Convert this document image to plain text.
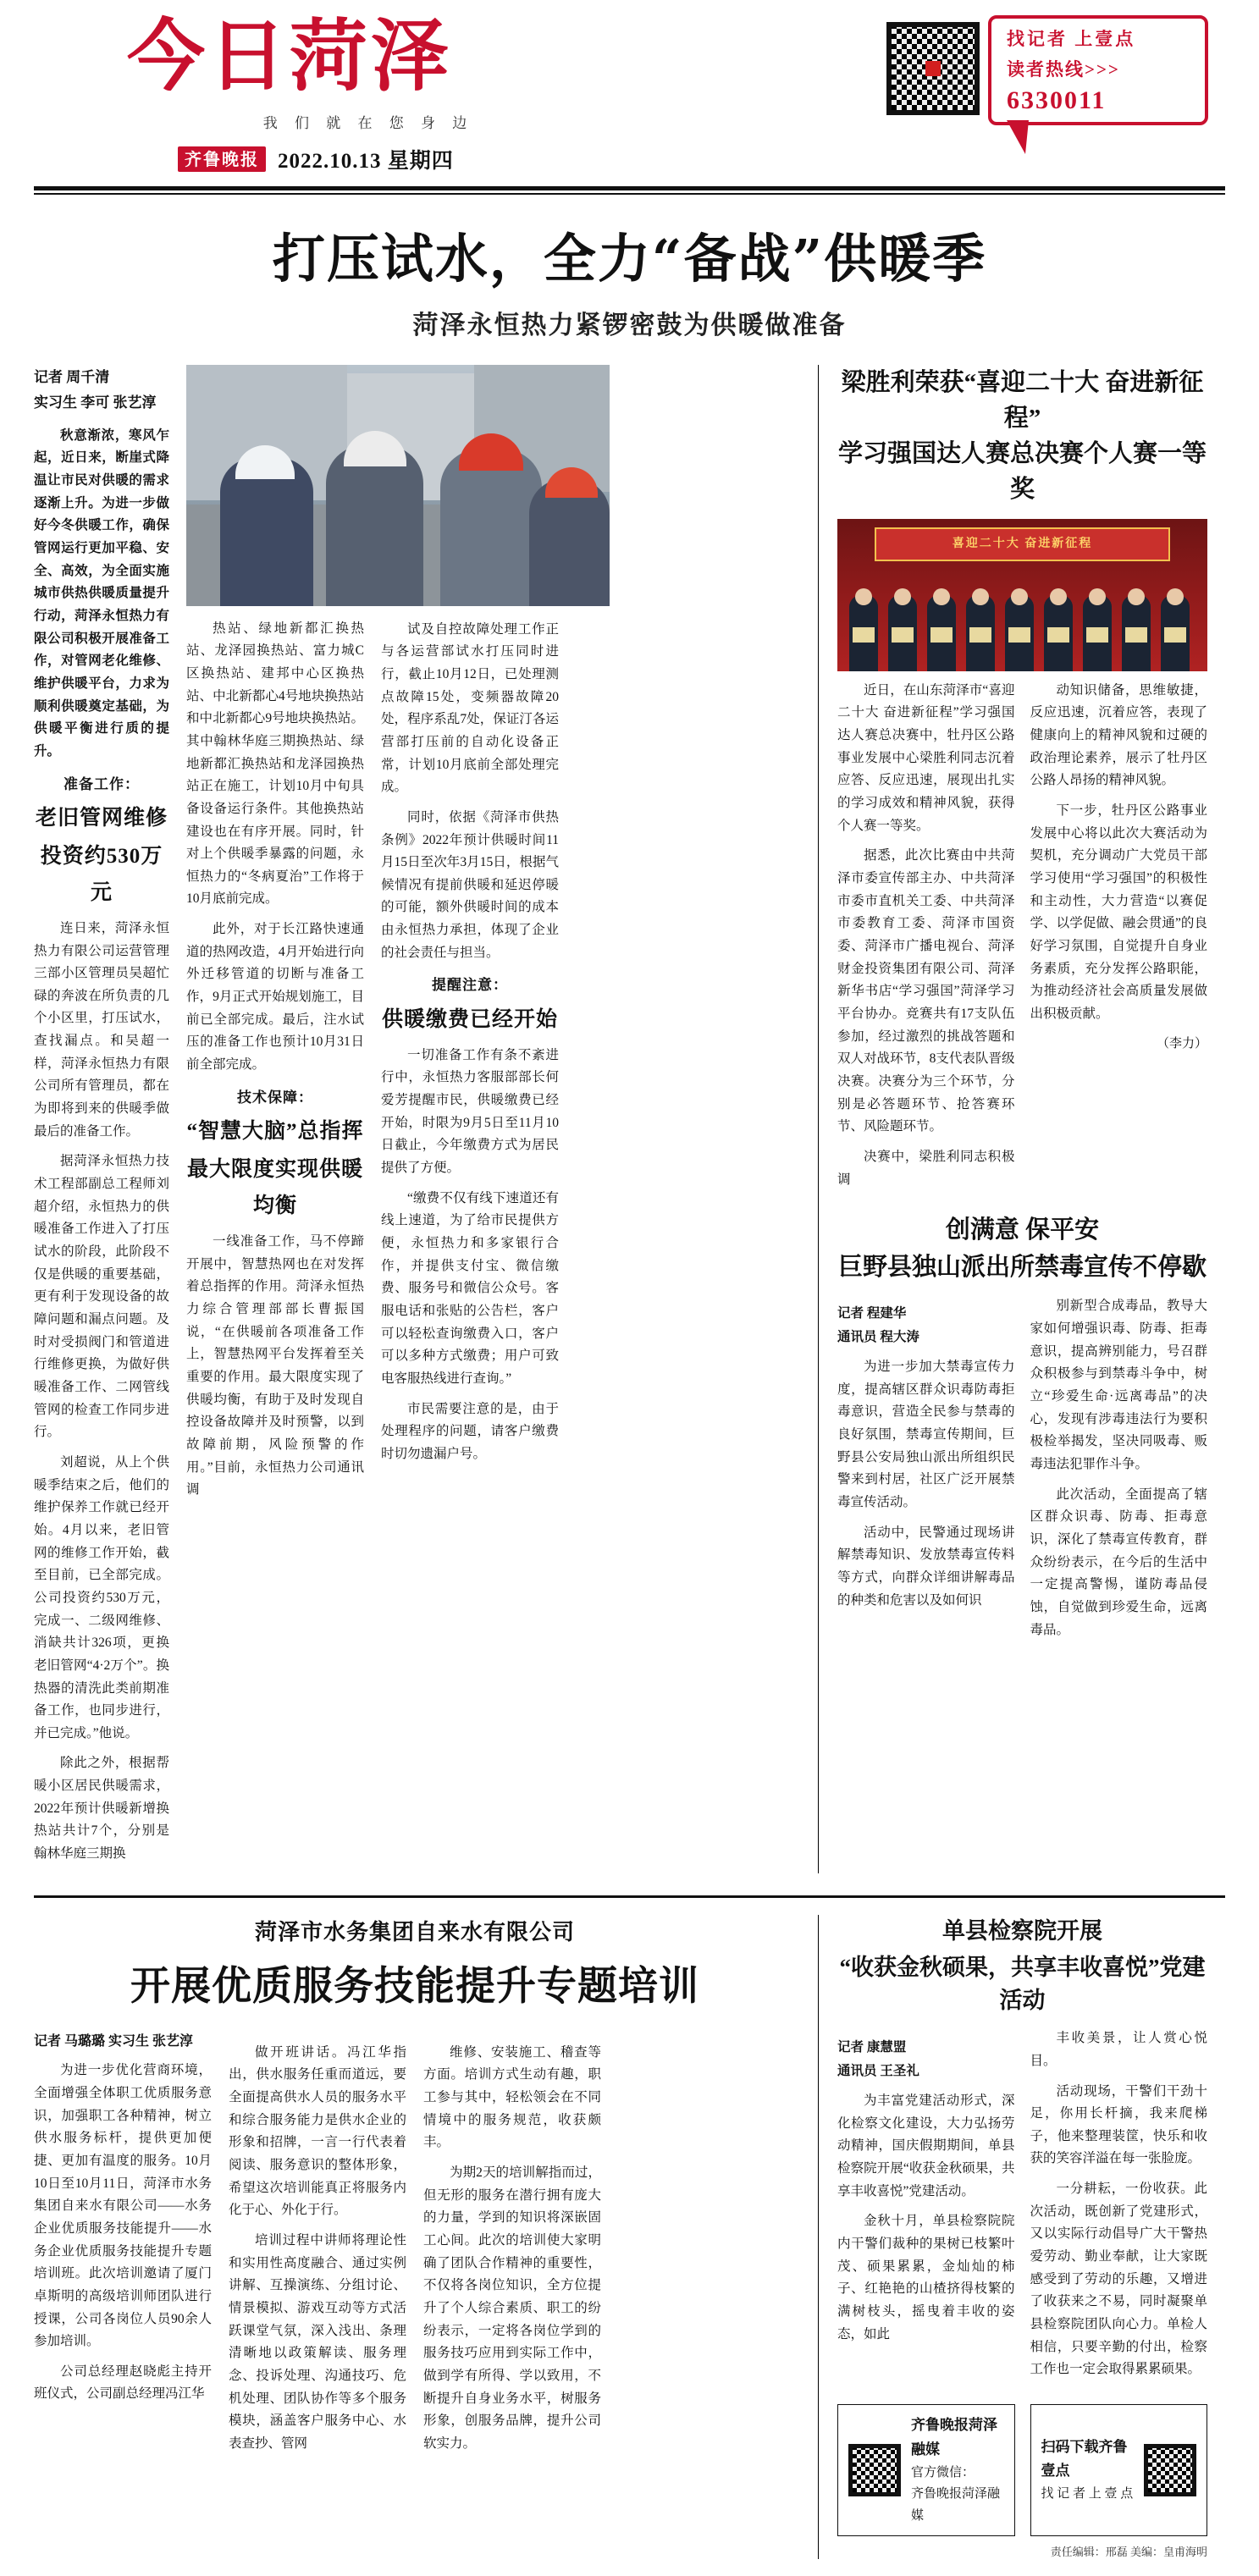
今日菏泽
我 们 就 在 您 身 边
齐鲁晚报 2022.10.13 星期四
找记者 上壹点
读者热线>>>
6330011
打压试水，全力“备战”供暖季
菏泽永恒热力紧锣密鼓为供暖做准备
记者 周千清
实习生 李可 张艺淳

秋意渐浓，寒风乍起，近日来，断崖式降温让市民对供暖的需求逐渐上升。为进一步做好今冬供暖工作，确保管网运行更加平稳、安全、高效，为全面实施城市供热供暖质量提升行动，菏泽永恒热力有限公司积极开展准备工作，对管网老化维修、维护供暖平台，力求为顺利供暖奠定基础，为供暖平衡进行质的提升。

准备工作：
老旧管网维修
投资约530万元

连日来，菏泽永恒热力有限公司运营管理三部小区管理员吴超忙碌的奔波在所负责的几个小区里，打压试水，查找漏点。和吴超一样，菏泽永恒热力有限公司所有管理员，都在为即将到来的供暖季做最后的准备工作。

据菏泽永恒热力技术工程部副总工程师刘超介绍，永恒热力的供暖准备工作进入了打压试水的阶段，此阶段不仅是供暖的重要基础，更有利于发现设备的故障问题和漏点问题。及时对受损阀门和管道进行维修更换，为做好供暖准备工作、二网管线管网的检查工作同步进行。

刘超说，从上个供暖季结束之后，他们的维护保养工作就已经开始。4月以来，老旧管网的维修工作开始，截至目前，已全部完成。公司投资约530万元，完成一、二级网维修、消缺共计326项，更换老旧管网“4·2万个”。换热器的清洗此类前期准备工作，也同步进行，并已完成。”他说。

除此之外，根据帮暖小区居民供暖需求，2022年预计供暖新增换热站共计7个，分别是翰林华庭三期换

热站、绿地新都汇换热站、龙泽园换热站、富力城C区换热站、建邦中心区换热站、中北新都心4号地块换热站和中北新都心9号地块换热站。其中翰林华庭三期换热站、绿地新都汇换热站和龙泽园换热站正在施工，计划10月中旬具备设备运行条件。其他换热站建设也在有序开展。同时，针对上个供暖季暴露的问题，永恒热力的“冬病夏治”工作将于10月底前完成。

此外，对于长江路快速通道的热网改造，4月开始进行向外迁移管道的切断与准备工作，9月正式开始规划施工，目前已全部完成。最后，注水试压的准备工作也预计10月31日前全部完成。

技术保障：
“智慧大脑”总指挥
最大限度实现供暖均衡

一线准备工作，马不停蹄开展中，智慧热网也在对发挥着总指挥的作用。菏泽永恒热力综合管理部部长曹振国说，“在供暖前各项准备工作上，智慧热网平台发挥着至关重要的作用。最大限度实现了供暖均衡，有助于及时发现自控设备故障并及时预警，以到故障前期，风险预警的作用。”目前，永恒热力公司通讯调

试及自控故障处理工作正与各运营部试水打压同时进行，截止10月12日，已处理测点故障15处，变频器故障20处，程序系乱7处，保证汀各运营部打压前的自动化设备正常，计划10月底前全部处理完成。

同时，依据《菏泽市供热条例》2022年预计供暖时间11月15日至次年3月15日，根据气候情况有提前供暖和延迟停暖的可能，额外供暖时间的成本由永恒热力承担，体现了企业的社会责任与担当。

提醒注意：
供暖缴费已经开始

一切准备工作有条不紊进行中，永恒热力客服部部长何爱芳提醒市民，供暖缴费已经开始，时限为9月5日至11月10日截止，今年缴费方式为居民提供了方便。

“缴费不仅有线下速道还有线上速道，为了给市民提供方便，永恒热力和多家银行合作，并提供支付宝、微信缴费、服务号和微信公众号。客服电话和张贴的公告栏，客户可以轻松查询缴费入口，客户可以多种方式缴费；用户可致电客服热线进行查询。”

市民需要注意的是，由于处理程序的问题，请客户缴费时切勿遗漏户号。

梁胜利荣获“喜迎二十大 奋进新征程”
学习强国达人赛总决赛个人赛一等奖
喜迎二十大 奋进新征程

近日，在山东菏泽市“喜迎二十大 奋进新征程”学习强国达人赛总决赛中，牡丹区公路事业发展中心梁胜利同志沉着应答、反应迅速，展现出扎实的学习成效和精神风貌，获得个人赛一等奖。

据悉，此次比赛由中共菏泽市委宣传部主办、中共菏泽市委市直机关工委、中共菏泽市委教育工委、菏泽市国资委、菏泽市广播电视台、菏泽财金投资集团有限公司、菏泽新华书店“学习强国”菏泽学习平台协办。竞赛共有17支队伍参加，经过激烈的挑战答题和双人对战环节，8支代表队晋级决赛。决赛分为三个环节，分别是必答题环节、抢答赛环节、风险题环节。

决赛中，梁胜利同志积极调

动知识储备，思维敏捷，反应迅速，沉着应答，表现了健康向上的精神风貌和过硬的政治理论素养，展示了牡丹区公路人昂扬的精神风貌。

下一步，牡丹区公路事业发展中心将以此次大赛活动为契机，充分调动广大党员干部学习使用“学习强国”的积极性和主动性，大力营造“以赛促学、以学促做、融会贯通”的良好学习氛围，自觉提升自身业务素质，充分发挥公路职能，为推动经济社会高质量发展做出积极贡献。

（李力）
创满意 保平安
巨野县独山派出所禁毒宣传不停歇
记者 程建华
通讯员 程大涛

为进一步加大禁毒宣传力度，提高辖区群众识毒防毒拒毒意识，营造全民参与禁毒的良好氛围，禁毒宣传期间，巨野县公安局独山派出所组织民警来到村居，社区广泛开展禁毒宣传活动。

活动中，民警通过现场讲解禁毒知识、发放禁毒宣传料等方式，向群众详细讲解毒品的种类和危害以及如何识

别新型合成毒品，教导大家如何增强识毒、防毒、拒毒意识，提高辨别能力，号召群众积极参与到禁毒斗争中，树立“珍爱生命·远离毒品”的决心，发现有涉毒违法行为要积极检举揭发，坚决同吸毒、贩毒违法犯罪作斗争。

此次活动，全面提高了辖区群众识毒、防毒、拒毒意识，深化了禁毒宣传教育，群众纷纷表示，在今后的生活中一定提高警惕，谨防毒品侵蚀，自觉做到珍爱生命，远离毒品。

菏泽市水务集团自来水有限公司
开展优质服务技能提升专题培训
记者 马璐璐 实习生 张艺淳

为进一步优化营商环境，全面增强全体职工优质服务意识，加强职工各种精神，树立供水服务标杆，提供更加便捷、更加有温度的服务。10月10日至10月11日，菏泽市水务集团自来水有限公司——水务企业优质服务技能提升——水务企业优质服务技能提升专题培训班。此次培训邀请了厦门卓斯明的高级培训师团队进行授课，公司各岗位人员90余人参加培训。

公司总经理赵晓彪主持开班仪式，公司副总经理冯江华

做开班讲话。冯江华指出，供水服务任重而道远，要全面提高供水人员的服务水平和综合服务能力是供水企业的形象和招牌，一言一行代表着阅读、服务意识的整体形象，希望这次培训能真正将服务内化于心、外化于行。

培训过程中讲师将理论性和实用性高度融合、通过实例讲解、互操演练、分组讨论、情景模拟、游戏互动等方式活跃课堂气氛，深入浅出、条理清晰地以政策解读、服务理念、投诉处理、沟通技巧、危机处理、团队协作等多个服务模块，涵盖客户服务中心、水表查抄、管网

维修、安装施工、稽查等方面。培训方式生动有趣，职工参与其中，轻松领会在不同情境中的服务规范，收获颇丰。

为期2天的培训解指而过，但无形的服务在潜行拥有庞大的力量，学到的知识将深嵌固工心间。此次的培训使大家明确了团队合作精神的重要性，不仅将各岗位知识，全方位提升了个人综合素质、职工的纷纷表示，一定将各岗位学到的服务技巧应用到实际工作中，做到学有所得、学以致用，不断提升自身业务水平，树服务形象，创服务品牌，提升公司软实力。

单县检察院开展
“收获金秋硕果，共享丰收喜悦”党建活动
记者 康慧盟
通讯员 王圣礼

为丰富党建活动形式，深化检察文化建设，大力弘扬劳动精神，国庆假期期间，单县检察院开展“收获金秋硕果，共享丰收喜悦”党建活动。

金秋十月，单县检察院院内干警们裁种的果树已枝繁叶茂、硕果累累，金灿灿的柿子、红艳艳的山楂挤得枝繁的满树枝头，摇曳着丰收的姿态，如此

丰收美景，让人赏心悦目。

活动现场，干警们干劲十足，你用长杆摘，我来爬梯子，他来整理装筐，快乐和收获的笑容洋溢在每一张脸庞。

一分耕耘，一份收获。此次活动，既创新了党建形式，又以实际行动倡导广大干警热爱劳动、勤业奉献，让大家既感受到了劳动的乐趣，又增进了收获来之不易，同时凝聚单县检察院团队向心力。单检人相信，只要辛勤的付出，检察工作也一定会取得累累硕果。

齐鲁晚报菏泽融媒
官方微信：
齐鲁晚报菏泽融媒
扫码下载齐鲁壹点
找 记 者 上 壹 点
责任编辑：邢磊 美编：皇甫海明
